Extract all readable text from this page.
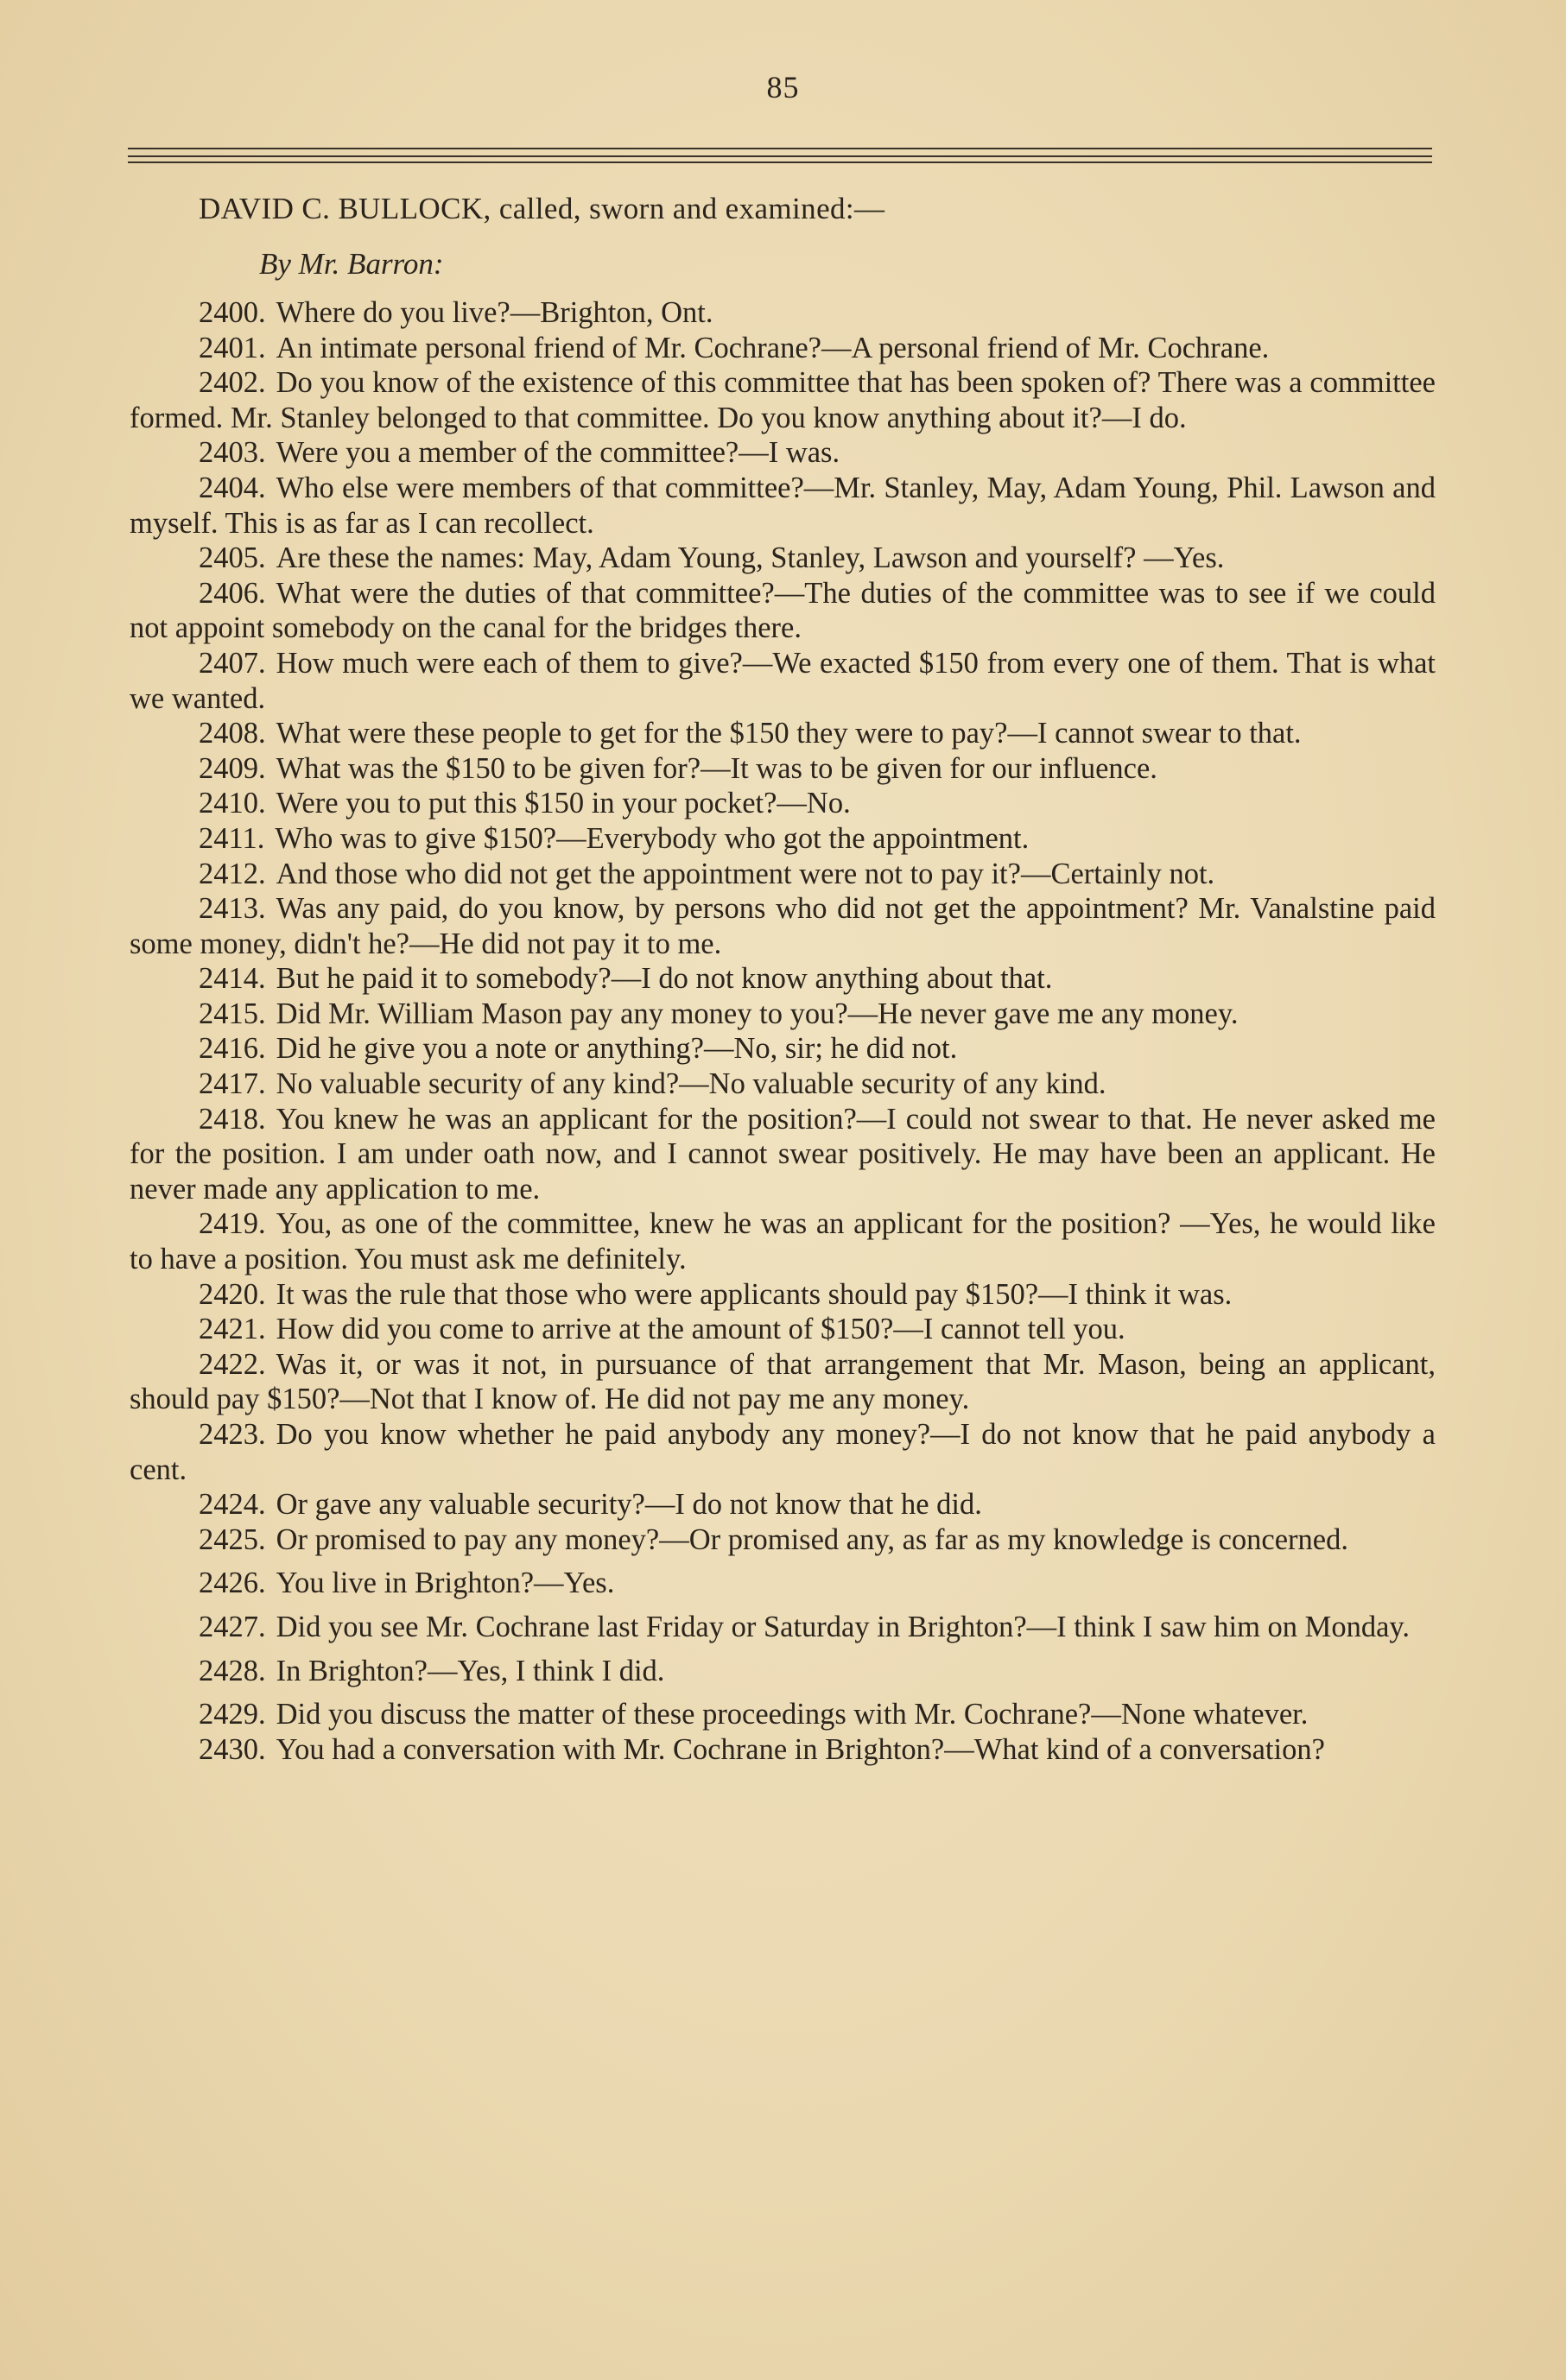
85

DAVID C. BULLOCK, called, sworn and examined:—

By Mr. Barron:

2400. Where do you live?—Brighton, Ont.

2401. An intimate personal friend of Mr. Cochrane?—A personal friend of Mr. Cochrane.

2402. Do you know of the existence of this committee that has been spoken of? There was a committee formed. Mr. Stanley belonged to that committee. Do you know anything about it?—I do.

2403. Were you a member of the committee?—I was.

2404. Who else were members of that committee?—Mr. Stanley, May, Adam Young, Phil. Lawson and myself. This is as far as I can recollect.

2405. Are these the names: May, Adam Young, Stanley, Lawson and yourself? —Yes.

2406. What were the duties of that committee?—The duties of the committee was to see if we could not appoint somebody on the canal for the bridges there.

2407. How much were each of them to give?—We exacted $150 from every one of them. That is what we wanted.

2408. What were these people to get for the $150 they were to pay?—I cannot swear to that.

2409. What was the $150 to be given for?—It was to be given for our influence.

2410. Were you to put this $150 in your pocket?—No.

2411. Who was to give $150?—Everybody who got the appointment.

2412. And those who did not get the appointment were not to pay it?—Certainly not.

2413. Was any paid, do you know, by persons who did not get the appointment? Mr. Vanalstine paid some money, didn't he?—He did not pay it to me.

2414. But he paid it to somebody?—I do not know anything about that.

2415. Did Mr. William Mason pay any money to you?—He never gave me any money.

2416. Did he give you a note or anything?—No, sir; he did not.

2417. No valuable security of any kind?—No valuable security of any kind.

2418. You knew he was an applicant for the position?—I could not swear to that. He never asked me for the position. I am under oath now, and I cannot swear positively. He may have been an applicant. He never made any application to me.

2419. You, as one of the committee, knew he was an applicant for the position? —Yes, he would like to have a position. You must ask me definitely.

2420. It was the rule that those who were applicants should pay $150?—I think it was.

2421. How did you come to arrive at the amount of $150?—I cannot tell you.

2422. Was it, or was it not, in pursuance of that arrangement that Mr. Mason, being an applicant, should pay $150?—Not that I know of. He did not pay me any money.

2423. Do you know whether he paid anybody any money?—I do not know that he paid anybody a cent.

2424. Or gave any valuable security?—I do not know that he did.

2425. Or promised to pay any money?—Or promised any, as far as my knowledge is concerned.

2426. You live in Brighton?—Yes.

2427. Did you see Mr. Cochrane last Friday or Saturday in Brighton?—I think I saw him on Monday.

2428. In Brighton?—Yes, I think I did.

2429. Did you discuss the matter of these proceedings with Mr. Cochrane?—None whatever.

2430. You had a conversation with Mr. Cochrane in Brighton?—What kind of a conversation?
